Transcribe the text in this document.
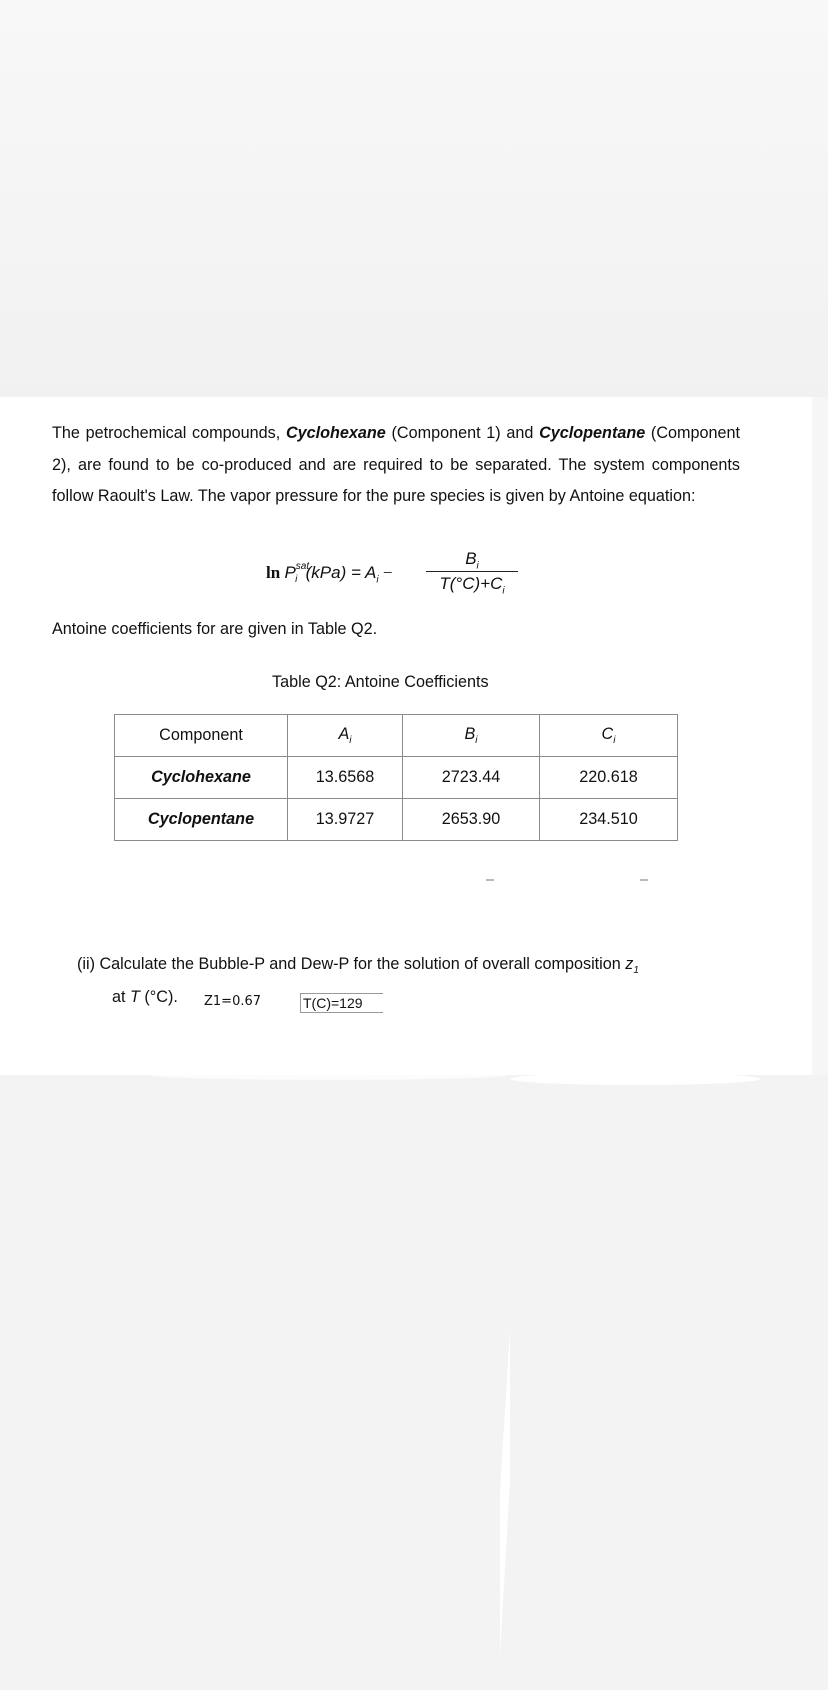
The petrochemical compounds, Cyclohexane (Component 1) and Cyclopentane (Component 2), are found to be co-produced and are required to be separated. The system components follow Raoult's Law. The vapor pressure for the pure species is given by Antoine equation:
$\ln P^{sat}_i$ $(kPa) = A_i$ −
$B_i$
$T(^\circ C)+C_i$
Antoine coefficients for are given in Table Q2.
Table Q2: Antoine Coefficients
Component	$A_i$	$B_i$	$C_i$
Cyclohexane	13.6568	2723.44	220.618
Cyclopentane	13.9727	2653.90	234.510
(ii) Calculate the Bubble-P and Dew-P for the solution of overall composition $z_1$
at T (°C). Z1=0.67	T(C)=129
